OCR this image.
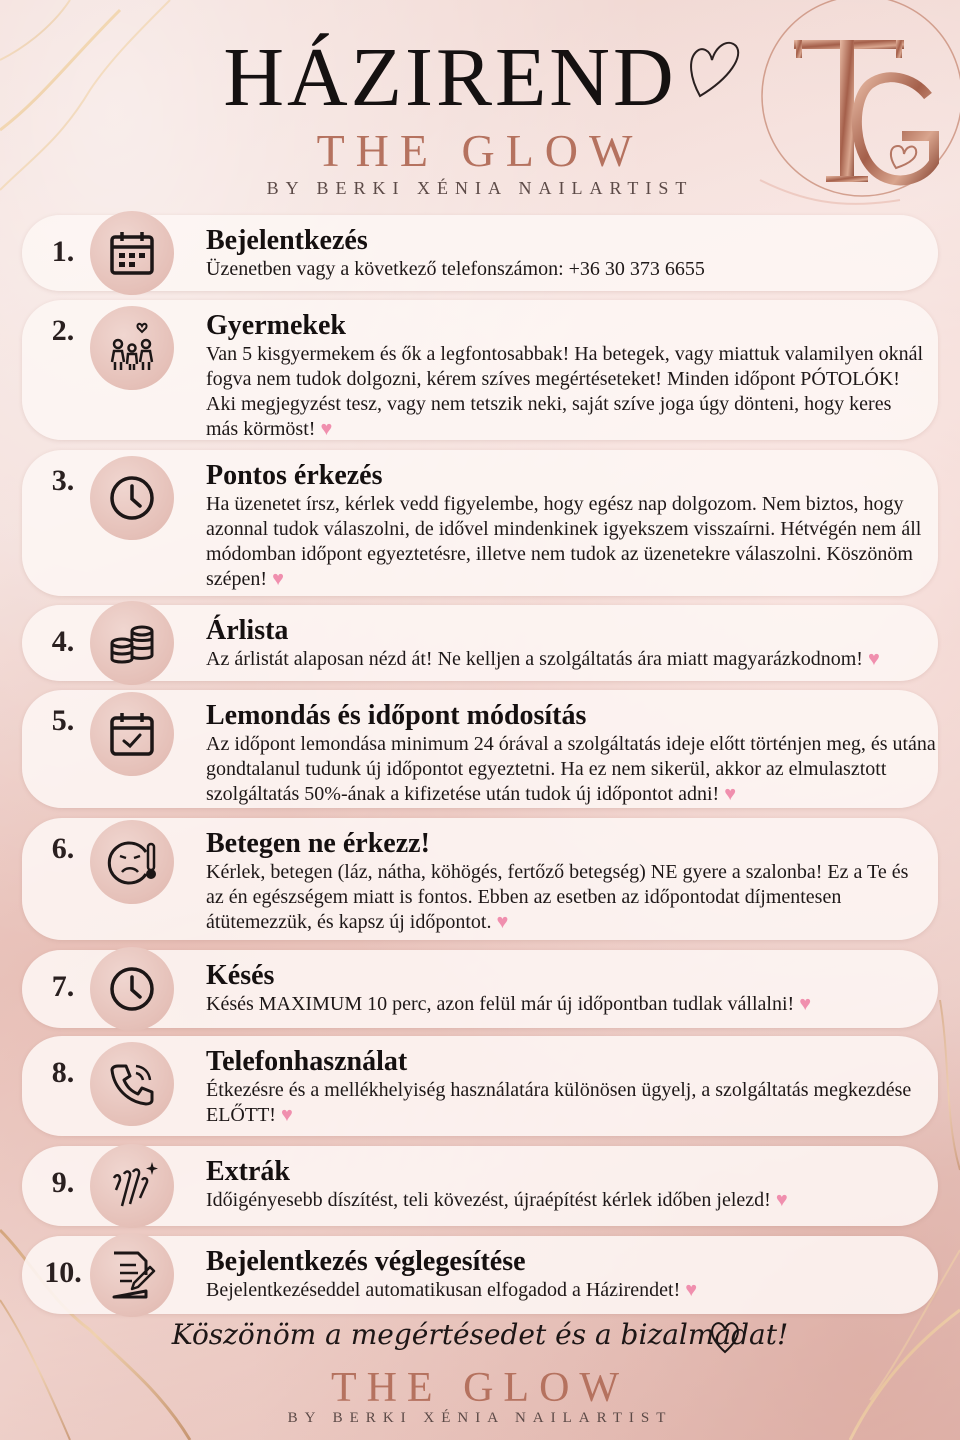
HÁZIREND
THE GLOW
BY BERKI XÉNIA NAILARTIST
TG
1.	Bejelentkezés
Üzenetben vagy a következő telefonszámon: +36 30 373 6655
2.	Gyermekek
Van 5 kisgyermekem és ők a legfontosabbak! Ha betegek, vagy miattuk valamilyen oknál fogva nem tudok dolgozni, kérem szíves megértéseteket! Minden időpont PÓTOLÓK! Aki megjegyzést tesz, vagy nem tetszik neki, saját szíve joga úgy dönteni, hogy keres más körmöst! ♥
3.	Pontos érkezés
Ha üzenetet írsz, kérlek vedd figyelembe, hogy egész nap dolgozom. Nem biztos, hogy azonnal tudok válaszolni, de idővel mindenkinek igyekszem visszaírni. Hétvégén nem áll módomban időpont egyeztetésre, illetve nem tudok az üzenetekre válaszolni. Köszönöm szépen! ♥
4.	Árlista
Az árlistát alaposan nézd át! Ne kelljen a szolgáltatás ára miatt magyarázkodnom! ♥
5.	Lemondás és időpont módosítás
Az időpont lemondása minimum 24 órával a szolgáltatás ideje előtt történjen meg, és utána gondtalanul tudunk új időpontot egyeztetni. Ha ez nem sikerül, akkor az elmulasztott szolgáltatás 50%-ának a kifizetése után tudok új időpontot adni! ♥
6.	Betegen ne érkezz!
Kérlek, betegen (láz, nátha, köhögés, fertőző betegség) NE gyere a szalonba! Ez a Te és az én egészségem miatt is fontos. Ebben az esetben az időpontodat díjmentesen átütemezzük, és kapsz új időpontot. ♥
7.	Késés
Késés MAXIMUM 10 perc, azon felül már új időpontban tudlak vállalni! ♥
8.	Telefonhasználat
Étkezésre és a mellékhelyiség használatára különösen ügyelj, a szolgáltatás megkezdése ELŐTT! ♥
9.	Extrák
Időigényesebb díszítést, teli kövezést, újraépítést kérlek időben jelezd! ♥
10.	Bejelentkezés véglegesítése
Bejelentkezéseddel automatikusan elfogadod a Házirendet! ♥
Köszönöm a megértésedet és a bizalmadat!
THE GLOW
BY BERKI XÉNIA NAILARTIST
